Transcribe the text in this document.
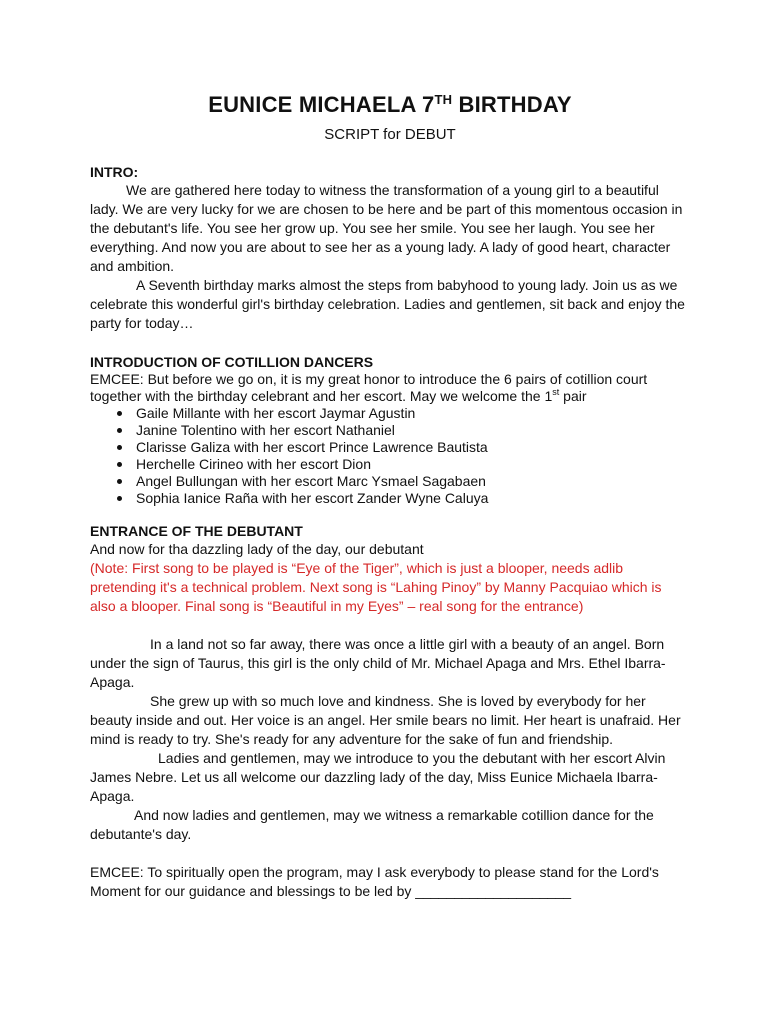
EUNICE MICHAELA 7TH BIRTHDAY

SCRIPT for DEBUT

INTRO:

We are gathered here today to witness the transformation of a young girl to a beautiful lady. We are very lucky for we are chosen to be here and be part of this momentous occasion in the debutant's life. You see her grow up. You see her smile. You see her laugh. You see her everything. And now you are about to see her as a young lady. A lady of good heart, character and ambition.

A Seventh birthday marks almost the steps from babyhood to young lady. Join us as we celebrate this wonderful girl's birthday celebration. Ladies and gentlemen, sit back and enjoy the party for today…

INTRODUCTION OF COTILLION DANCERS

EMCEE: But before we go on, it is my great honor to introduce the 6 pairs of cotillion court together with the birthday celebrant and her escort. May we welcome the 1st pair

Gaile Millante with her escort Jaymar Agustin
Janine Tolentino with her escort Nathaniel
Clarisse Galiza with her escort Prince Lawrence Bautista
Herchelle Cirineo with her escort Dion
Angel Bullungan with her escort Marc Ysmael Sagabaen
Sophia Ianice Raña with her escort Zander Wyne Caluya

ENTRANCE OF THE DEBUTANT

And now for tha dazzling lady of the day, our debutant

(Note: First song to be played is “Eye of the Tiger”, which is just a blooper, needs adlib pretending it's a technical problem. Next song is “Lahing Pinoy” by Manny Pacquiao which is also a blooper. Final song is “Beautiful in my Eyes” – real song for the entrance)

In a land not so far away, there was once a little girl with a beauty of an angel. Born under the sign of Taurus, this girl is the only child of Mr. Michael Apaga and Mrs. Ethel Ibarra-Apaga.

She grew up with so much love and kindness. She is loved by everybody for her beauty inside and out. Her voice is an angel. Her smile bears no limit. Her heart is unafraid. Her mind is ready to try. She's ready for any adventure for the sake of fun and friendship.

Ladies and gentlemen, may we introduce to you the debutant with her escort Alvin James Nebre. Let us all welcome our dazzling lady of the day, Miss Eunice Michaela Ibarra-Apaga.

And now ladies and gentlemen, may we witness a remarkable cotillion dance for the debutante's day.

EMCEE: To spiritually open the program, may I ask everybody to please stand for the Lord's Moment for our guidance and blessings to be led by ____________________
